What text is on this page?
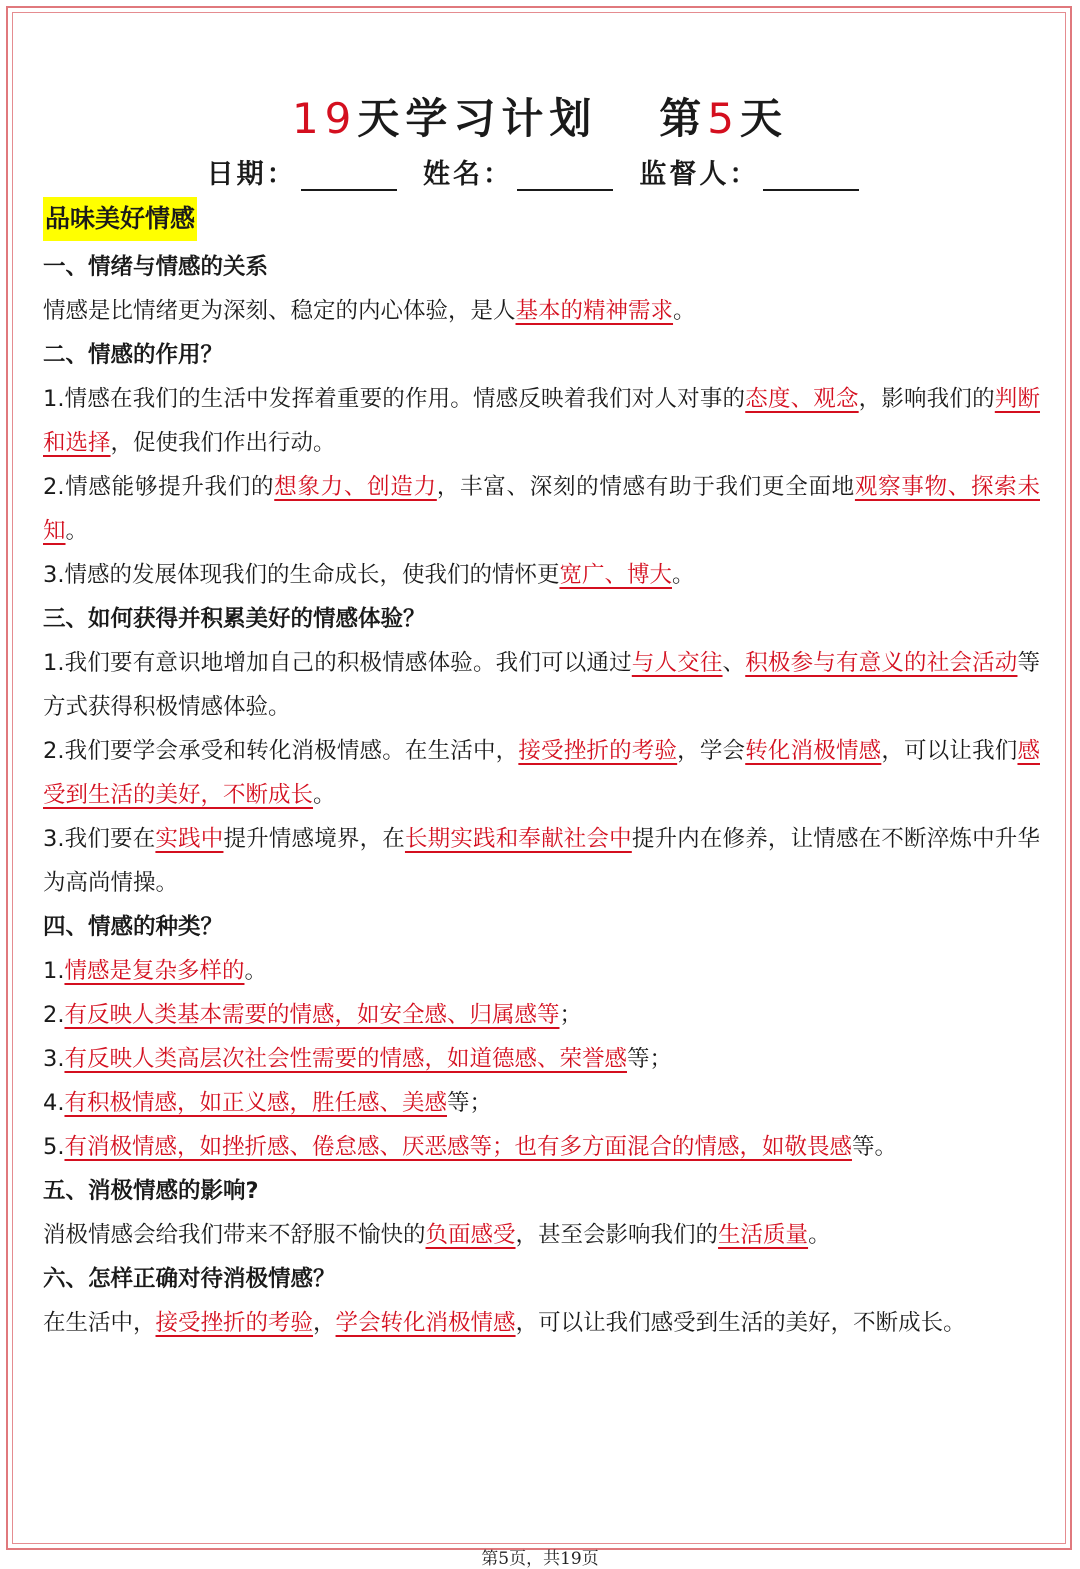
19天学习计划 第5天
日期：	姓名：	监督人：
品味美好情感
一、情绪与情感的关系
情感是比情绪更为深刻、稳定的内心体验，是人基本的精神需求。
二、情感的作用？
1.情感在我们的生活中发挥着重要的作用。情感反映着我们对人对事的态度、观念，影响我们的判断和选择，促使我们作出行动。
2.情感能够提升我们的想象力、创造力，丰富、深刻的情感有助于我们更全面地观察事物、探索未知。
3.情感的发展体现我们的生命成长，使我们的情怀更宽广、博大。
三、如何获得并积累美好的情感体验？
1.我们要有意识地增加自己的积极情感体验。我们可以通过与人交往、积极参与有意义的社会活动等方式获得积极情感体验。
2.我们要学会承受和转化消极情感。在生活中，接受挫折的考验，学会转化消极情感，可以让我们感受到生活的美好，不断成长。
3.我们要在实践中提升情感境界，在长期实践和奉献社会中提升内在修养，让情感在不断淬炼中升华为高尚情操。
四、情感的种类？
1.情感是复杂多样的。
2.有反映人类基本需要的情感，如安全感、归属感等；
3.有反映人类高层次社会性需要的情感，如道德感、荣誉感等；
4.有积极情感，如正义感，胜任感、美感等；
5.有消极情感，如挫折感、倦怠感、厌恶感等；也有多方面混合的情感，如敬畏感等。
五、消极情感的影响?
消极情感会给我们带来不舒服不愉快的负面感受，甚至会影响我们的生活质量。
六、怎样正确对待消极情感？
在生活中，接受挫折的考验，学会转化消极情感，可以让我们感受到生活的美好，不断成长。
第5页，共19页
